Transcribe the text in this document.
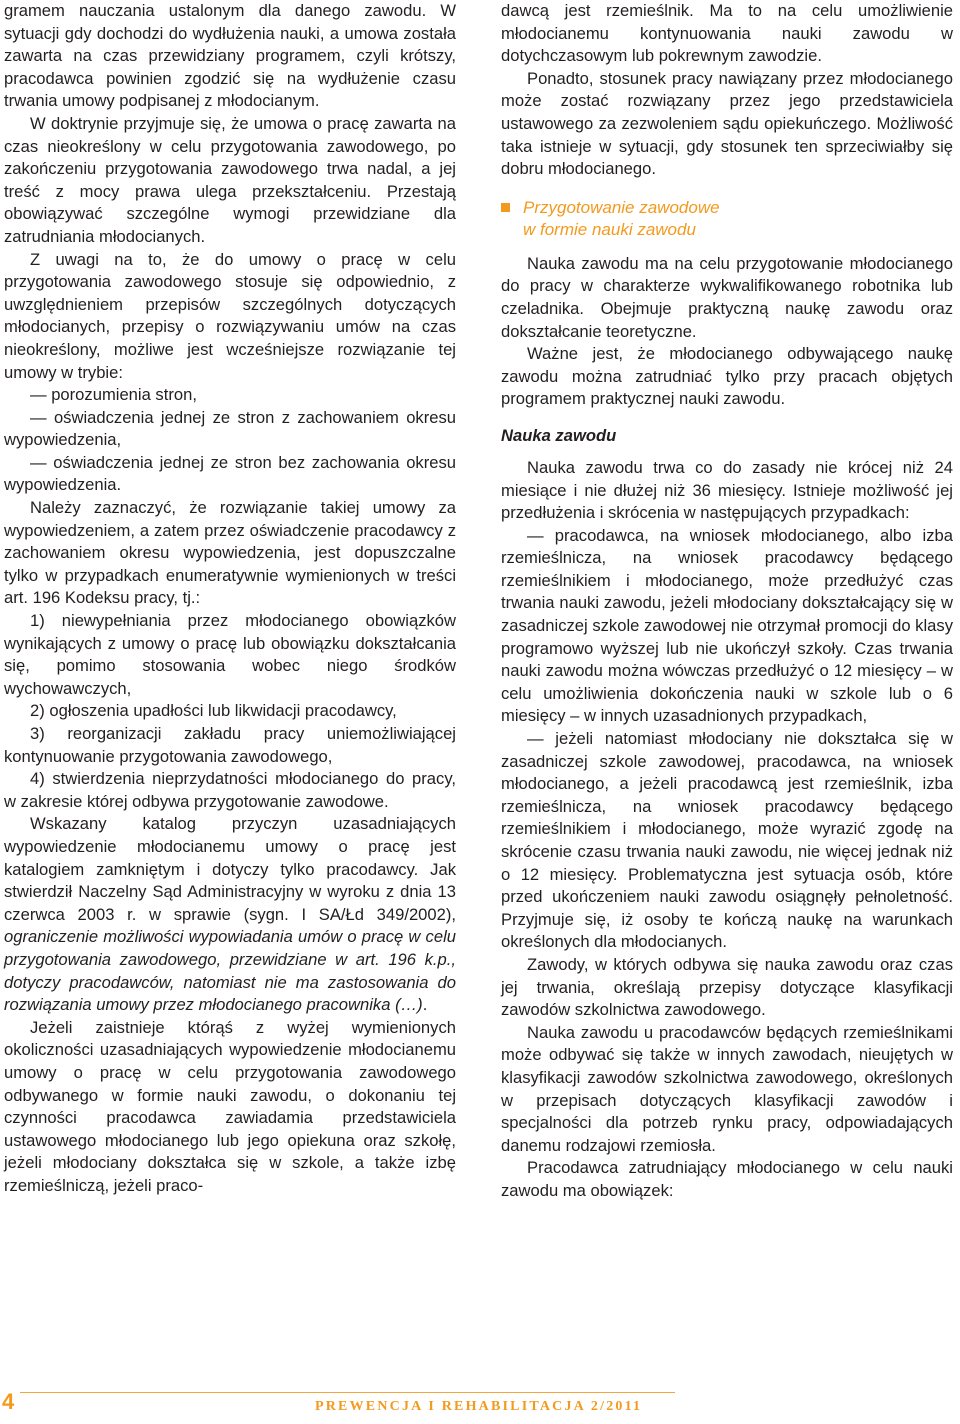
gramem nauczania ustalonym dla danego zawodu. W sytuacji gdy dochodzi do wydłużenia nauki, a umowa została zawarta na czas przewidziany programem, czyli krótszy, pracodawca powinien zgodzić się na wydłużenie czasu trwania umowy podpisanej z młodocianym.

W doktrynie przyjmuje się, że umowa o pracę zawarta na czas nieokreślony w celu przygotowania zawodowego, po zakończeniu przygotowania zawodowego trwa nadal, a jej treść z mocy prawa ulega przekształceniu. Przestają obowiązywać szczególne wymogi przewidziane dla zatrudniania młodocianych.

Z uwagi na to, że do umowy o pracę w celu przygotowania zawodowego stosuje się odpowiednio, z uwzględnieniem przepisów szczególnych dotyczących młodocianych, przepisy o rozwiązywaniu umów na czas nieokreślony, możliwe jest wcześniejsze rozwiązanie tej umowy w trybie:

— porozumienia stron,

— oświadczenia jednej ze stron z zachowaniem okresu wypowiedzenia,

— oświadczenia jednej ze stron bez zachowania okresu wypowiedzenia.

Należy zaznaczyć, że rozwiązanie takiej umowy za wypowiedzeniem, a zatem przez oświadczenie pracodawcy z zachowaniem okresu wypowiedzenia, jest dopuszczalne tylko w przypadkach enumeratywnie wymienionych w treści art. 196 Kodeksu pracy, tj.:

1) niewypełniania przez młodocianego obowiązków wynikających z umowy o pracę lub obowiązku dokształcania się, pomimo stosowania wobec niego środków wychowawczych,

2) ogłoszenia upadłości lub likwidacji pracodawcy,

3) reorganizacji zakładu pracy uniemożliwiającej kontynuowanie przygotowania zawodowego,

4) stwierdzenia nieprzydatności młodocianego do pracy, w zakresie której odbywa przygotowanie zawodowe.

Wskazany katalog przyczyn uzasadniających wypowiedzenie młodocianemu umowy o pracę jest katalogiem zamkniętym i dotyczy tylko pracodawcy. Jak stwierdził Naczelny Sąd Administracyjny w wyroku z dnia 13 czerwca 2003 r. w sprawie (sygn. I SA/Łd 349/2002), ograniczenie możliwości wypowiadania umów o pracę w celu przygotowania zawodowego, przewidziane w art. 196 k.p., dotyczy pracodawców, natomiast nie ma zastosowania do rozwiązania umowy przez młodocianego pracownika (…).

Jeżeli zaistnieje którąś z wyżej wymienionych okoliczności uzasadniających wypowiedzenie młodocianemu umowy o pracę w celu przygotowania zawodowego odbywanego w formie nauki zawodu, o dokonaniu tej czynności pracodawca zawiadamia przedstawiciela ustawowego młodocianego lub jego opiekuna oraz szkołę, jeżeli młodociany dokształca się w szkole, a także izbę rzemieślniczą, jeżeli praco-

dawcą jest rzemieślnik. Ma to na celu umożliwienie młodocianemu kontynuowania nauki zawodu w dotychczasowym lub pokrewnym zawodzie.

Ponadto, stosunek pracy nawiązany przez młodocianego może zostać rozwiązany przez jego przedstawiciela ustawowego za zezwoleniem sądu opiekuńczego. Możliwość taka istnieje w sytuacji, gdy stosunek ten sprzeciwiałby się dobru młodocianego.

Przygotowanie zawodowe
w formie nauki zawodu

Nauka zawodu ma na celu przygotowanie młodocianego do pracy w charakterze wykwalifikowanego robotnika lub czeladnika. Obejmuje praktyczną naukę zawodu oraz dokształcanie teoretyczne.

Ważne jest, że młodocianego odbywającego naukę zawodu można zatrudniać tylko przy pracach objętych programem praktycznej nauki zawodu.

Nauka zawodu

Nauka zawodu trwa co do zasady nie krócej niż 24 miesiące i nie dłużej niż 36 miesięcy. Istnieje możliwość jej przedłużenia i skrócenia w następujących przypadkach:

— pracodawca, na wniosek młodocianego, albo izba rzemieślnicza, na wniosek pracodawcy będącego rzemieślnikiem i młodocianego, może przedłużyć czas trwania nauki zawodu, jeżeli młodociany dokształcający się w zasadniczej szkole zawodowej nie otrzymał promocji do klasy programowo wyższej lub nie ukończył szkoły. Czas trwania nauki zawodu można wówczas przedłużyć o 12 miesięcy – w celu umożliwienia dokończenia nauki w szkole lub o 6 miesięcy – w innych uzasadnionych przypadkach,

— jeżeli natomiast młodociany nie dokształca się w zasadniczej szkole zawodowej, pracodawca, na wniosek młodocianego, a jeżeli pracodawcą jest rzemieślnik, izba rzemieślnicza, na wniosek pracodawcy będącego rzemieślnikiem i młodocianego, może wyrazić zgodę na skrócenie czasu trwania nauki zawodu, nie więcej jednak niż o 12 miesięcy. Problematyczna jest sytuacja osób, które przed ukończeniem nauki zawodu osiągnęły pełnoletność. Przyjmuje się, iż osoby te kończą naukę na warunkach określonych dla młodocianych.

Zawody, w których odbywa się nauka zawodu oraz czas jej trwania, określają przepisy dotyczące klasyfikacji zawodów szkolnictwa zawodowego.

Nauka zawodu u pracodawców będących rzemieślnikami może odbywać się także w innych zawodach, nieujętych w klasyfikacji zawodów szkolnictwa zawodowego, określonych w przepisach dotyczących klasyfikacji zawodów i specjalności dla potrzeb rynku pracy, odpowiadających danemu rodzajowi rzemiosła.

Pracodawca zatrudniający młodocianego w celu nauki zawodu ma obowiązek:

4	PREWENCJA I REHABILITACJA 2/2011
